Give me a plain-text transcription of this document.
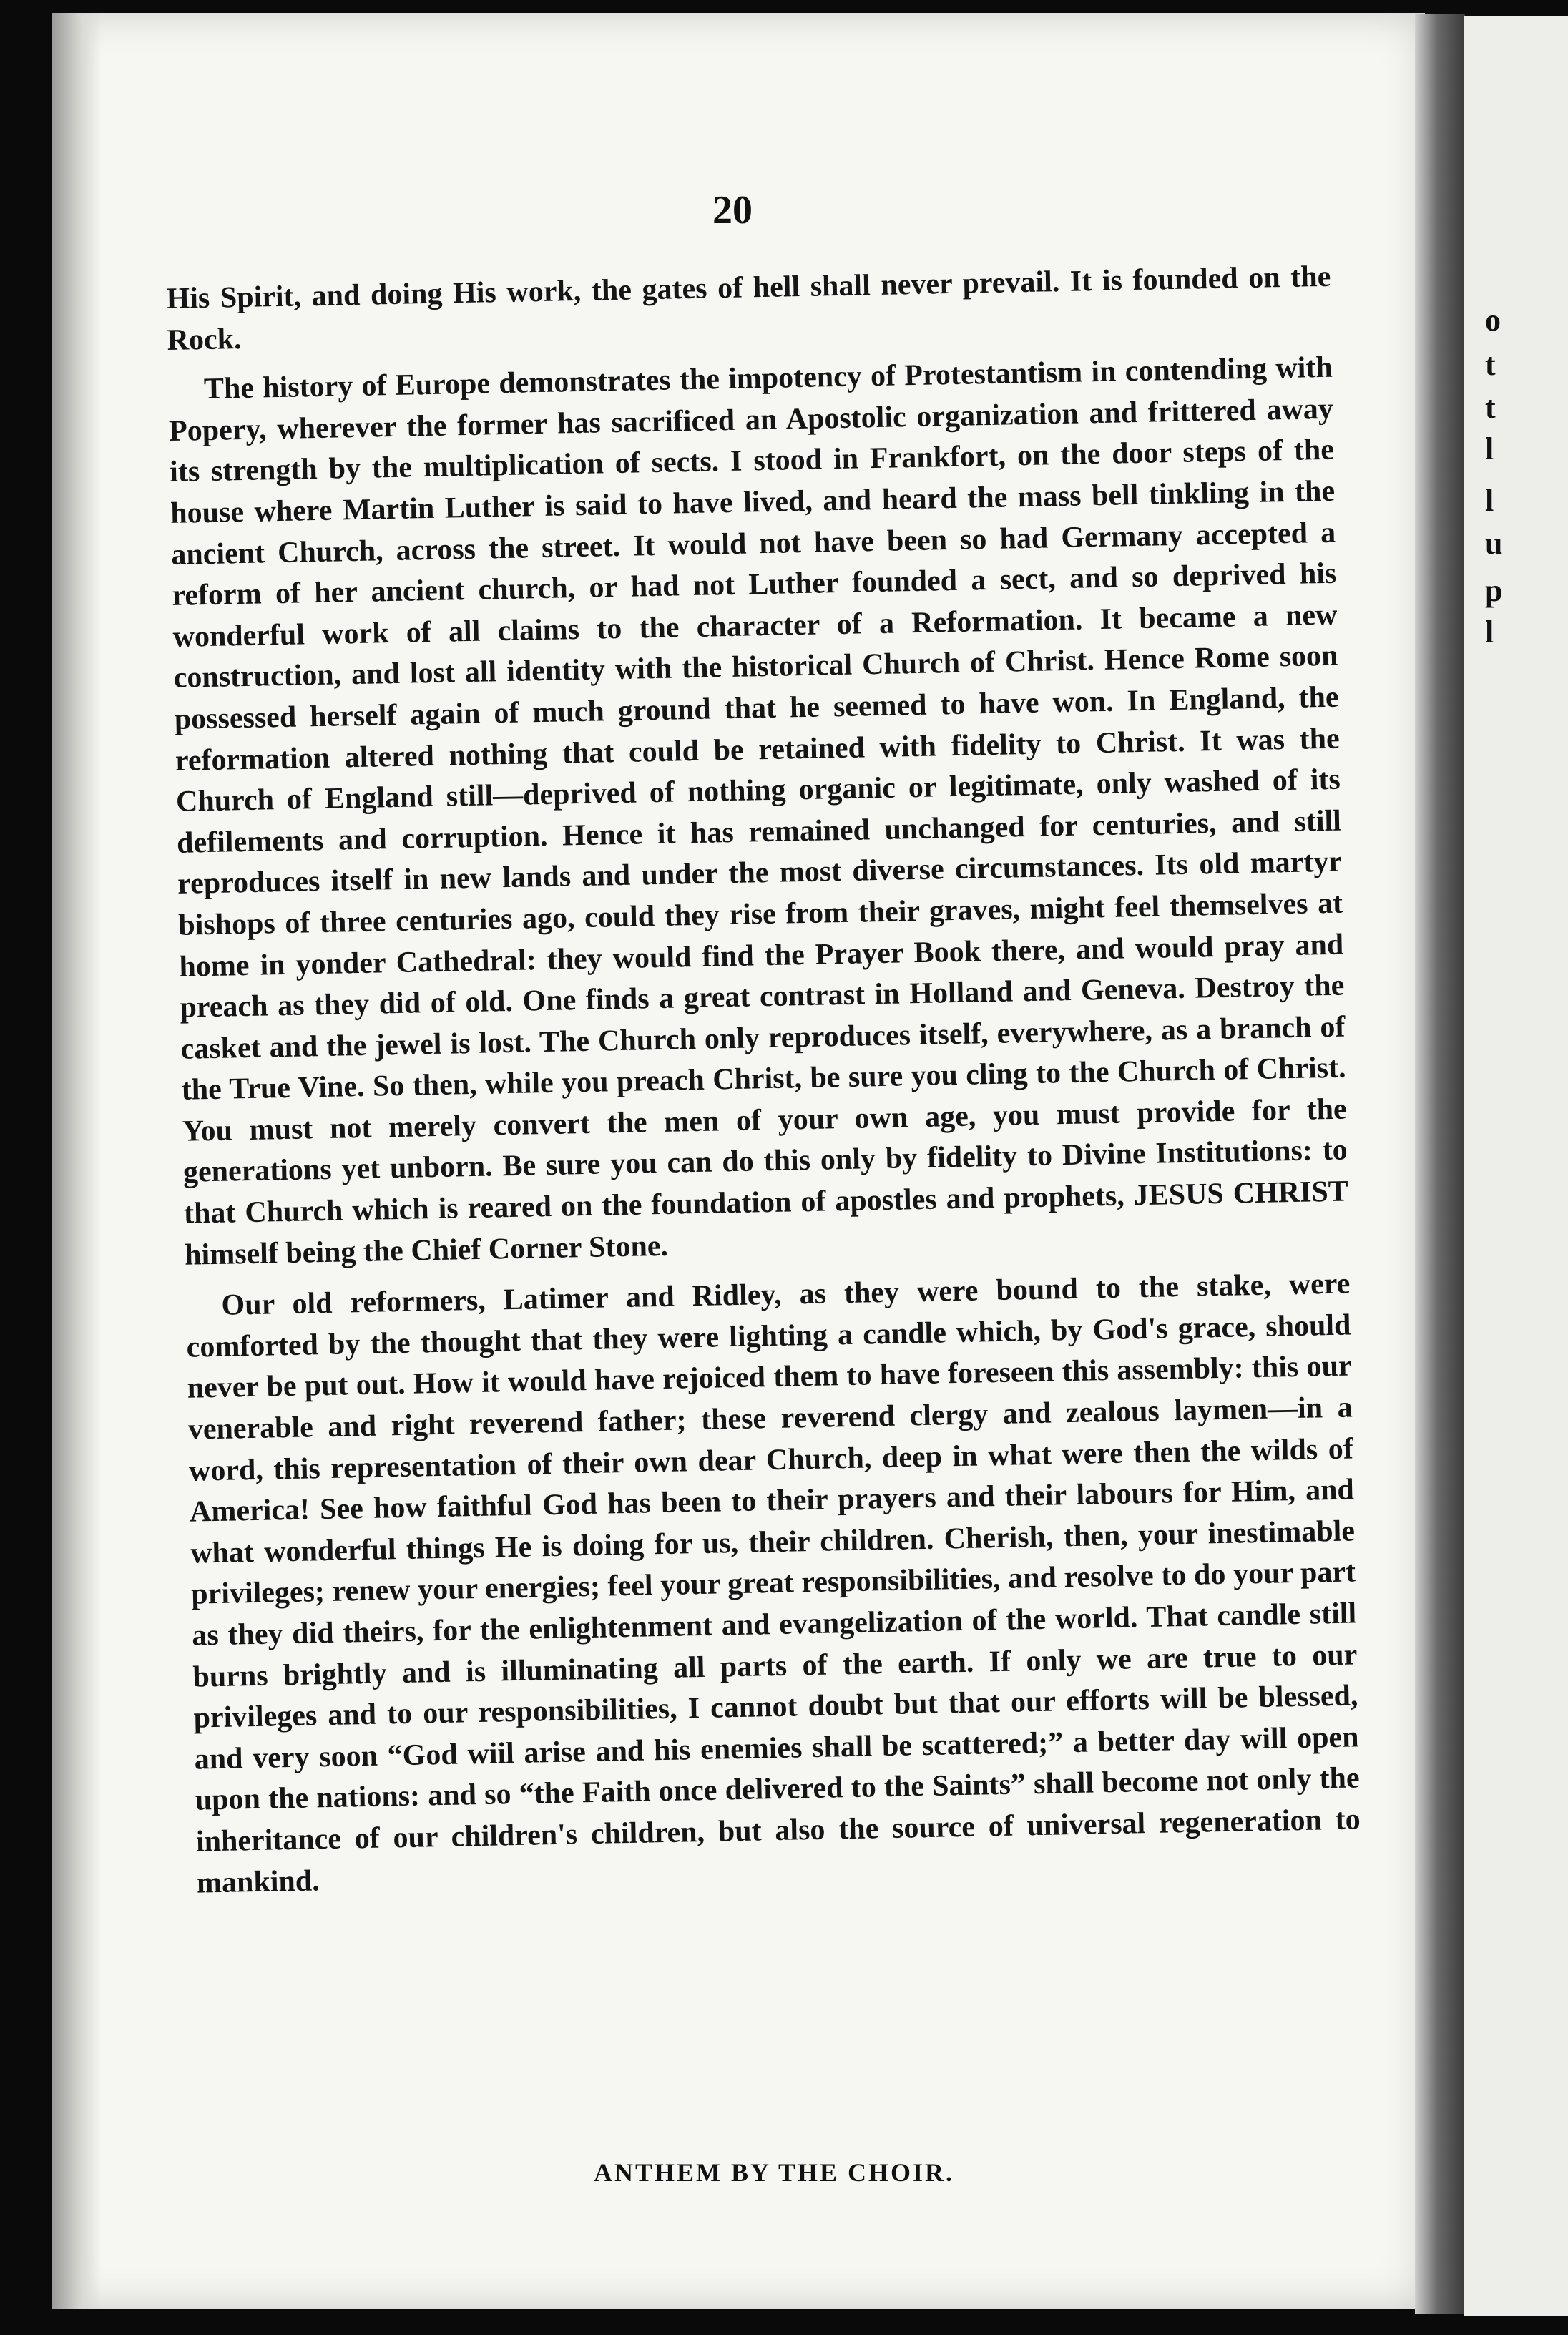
o
t
t
l
l
u
p
l
20

His Spirit, and doing His work, the gates of hell shall never prevail. It is founded on the Rock.

The history of Europe demonstrates the impotency of Protestantism in contending with Popery, wherever the former has sacrificed an Apostolic organization and frittered away its strength by the multiplication of sects. I stood in Frankfort, on the door steps of the house where Martin Luther is said to have lived, and heard the mass bell tinkling in the ancient Church, across the street. It would not have been so had Germany accepted a reform of her ancient church, or had not Luther founded a sect, and so deprived his wonderful work of all claims to the character of a Reformation. It became a new construction, and lost all identity with the historical Church of Christ. Hence Rome soon possessed herself again of much ground that he seemed to have won. In England, the reformation altered nothing that could be retained with fidelity to Christ. It was the Church of England still—deprived of nothing organic or legitimate, only washed of its defilements and corruption. Hence it has remained unchanged for centuries, and still reproduces itself in new lands and under the most diverse circumstances. Its old martyr bishops of three centuries ago, could they rise from their graves, might feel themselves at home in yonder Cathedral: they would find the Prayer Book there, and would pray and preach as they did of old. One finds a great contrast in Holland and Geneva. Destroy the casket and the jewel is lost. The Church only reproduces itself, everywhere, as a branch of the True Vine. So then, while you preach Christ, be sure you cling to the Church of Christ. You must not merely convert the men of your own age, you must provide for the generations yet unborn. Be sure you can do this only by fidelity to Divine Institutions: to that Church which is reared on the foundation of apostles and prophets, JESUS CHRIST himself being the Chief Corner Stone.

Our old reformers, Latimer and Ridley, as they were bound to the stake, were comforted by the thought that they were lighting a candle which, by God's grace, should never be put out. How it would have rejoiced them to have foreseen this assembly: this our venerable and right reverend father; these reverend clergy and zealous laymen—in a word, this representation of their own dear Church, deep in what were then the wilds of America! See how faithful God has been to their prayers and their labours for Him, and what wonderful things He is doing for us, their children. Cherish, then, your inestimable privileges; renew your energies; feel your great responsibilities, and resolve to do your part as they did theirs, for the enlightenment and evangelization of the world. That candle still burns brightly and is illuminating all parts of the earth. If only we are true to our privileges and to our responsibilities, I cannot doubt but that our efforts will be blessed, and very soon “God wiil arise and his enemies shall be scattered;” a better day will open upon the nations: and so “the Faith once delivered to the Saints” shall become not only the inheritance of our children's children, but also the source of universal regeneration to mankind.

ANTHEM BY THE CHOIR.
